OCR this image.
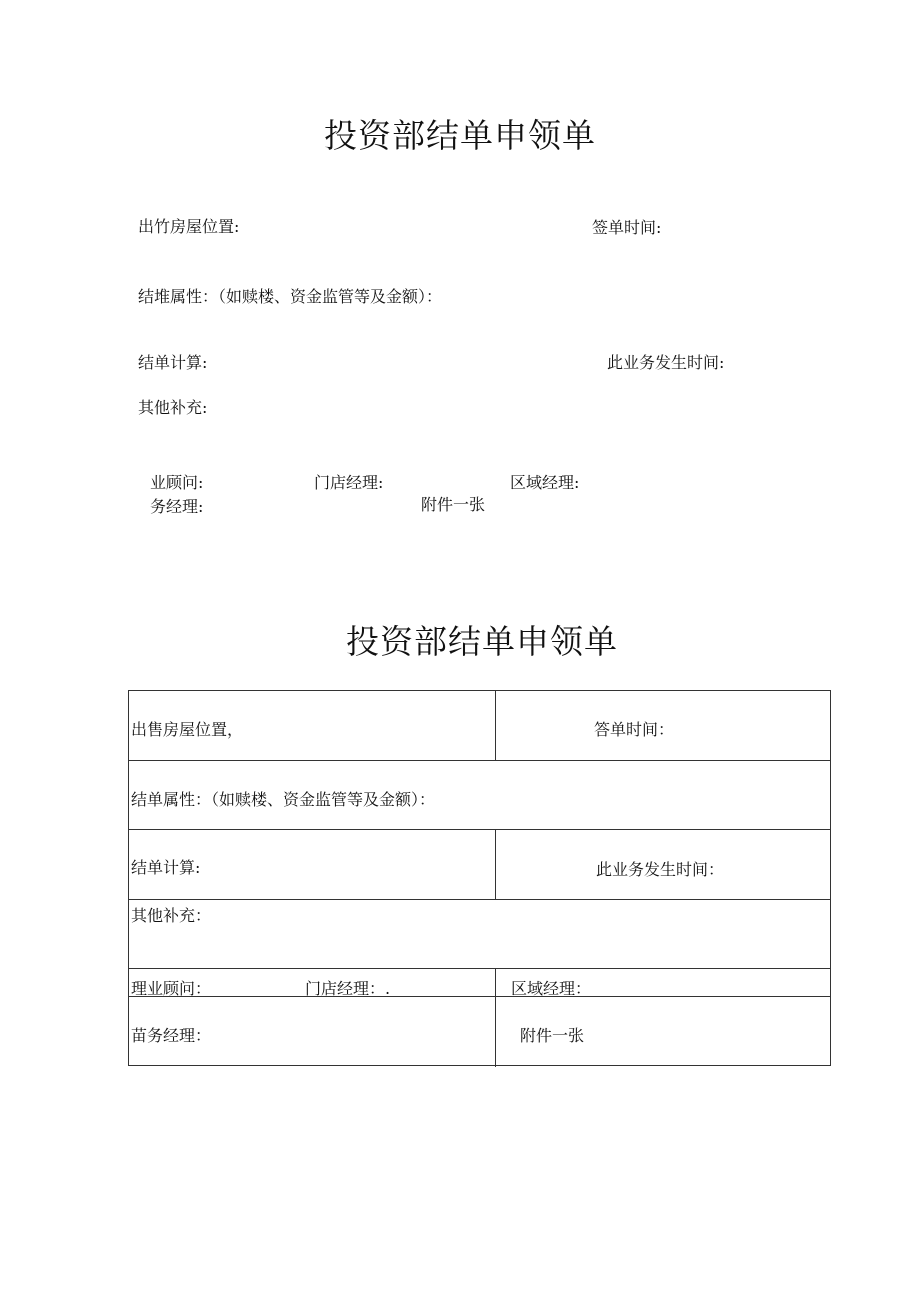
投资部结单申领单
出竹房屋位置:	签单时间:
结堆属性：（如赎楼、资金监管等及金额）：
结单计算:	此业务发生时间:
其他补充:
业顾问:	门店经理:	区域经理:
务经理:	附件一张
投资部结单申领单
出售房屋位置，	答单时间：
结单属性：（如赎楼、资金监管等及金额）：
结单计算:	此业务发生时间：
其他补充：
理业顾问：	门店经理：.	区域经理：
苗务经理：	附件一张
